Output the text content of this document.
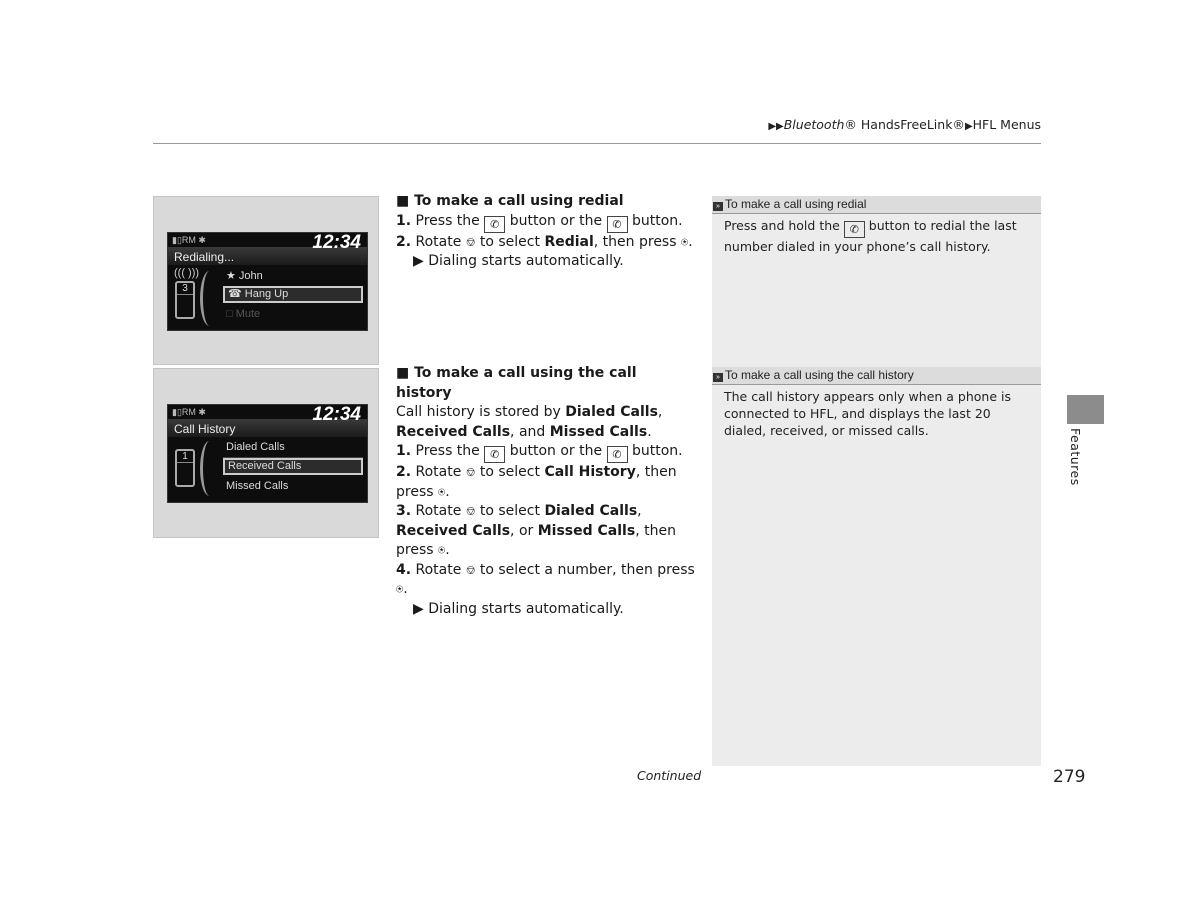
▶▶Bluetooth® HandsFreeLink®▶HFL Menus
▮▯RM ✱	12:34
Redialing...
((( )))
3
★ John
☎ Hang Up
□ Mute
▮▯RM ✱	12:34
Call History
1
Dialed Calls
Received Calls
Missed Calls
■ To make a call using redial

1. Press the ✆ button or the ✆ button.

2. Rotate ⎊ to select Redial, then press ⍟.

▶ Dialing starts automatically.

■ To make a call using the call history

Call history is stored by Dialed Calls, Received Calls, and Missed Calls.

1. Press the ✆ button or the ✆ button.

2. Rotate ⎊ to select Call History, then press ⍟.

3. Rotate ⎊ to select Dialed Calls, Received Calls, or Missed Calls, then press ⍟.

4. Rotate ⎊ to select a number, then press ⍟.

▶ Dialing starts automatically.

» To make a call using redial
Press and hold the ✆ button to redial the last number dialed in your phone’s call history.
» To make a call using the call history
The call history appears only when a phone is connected to HFL, and displays the last 20 dialed, received, or missed calls.	Features
Continued	279
